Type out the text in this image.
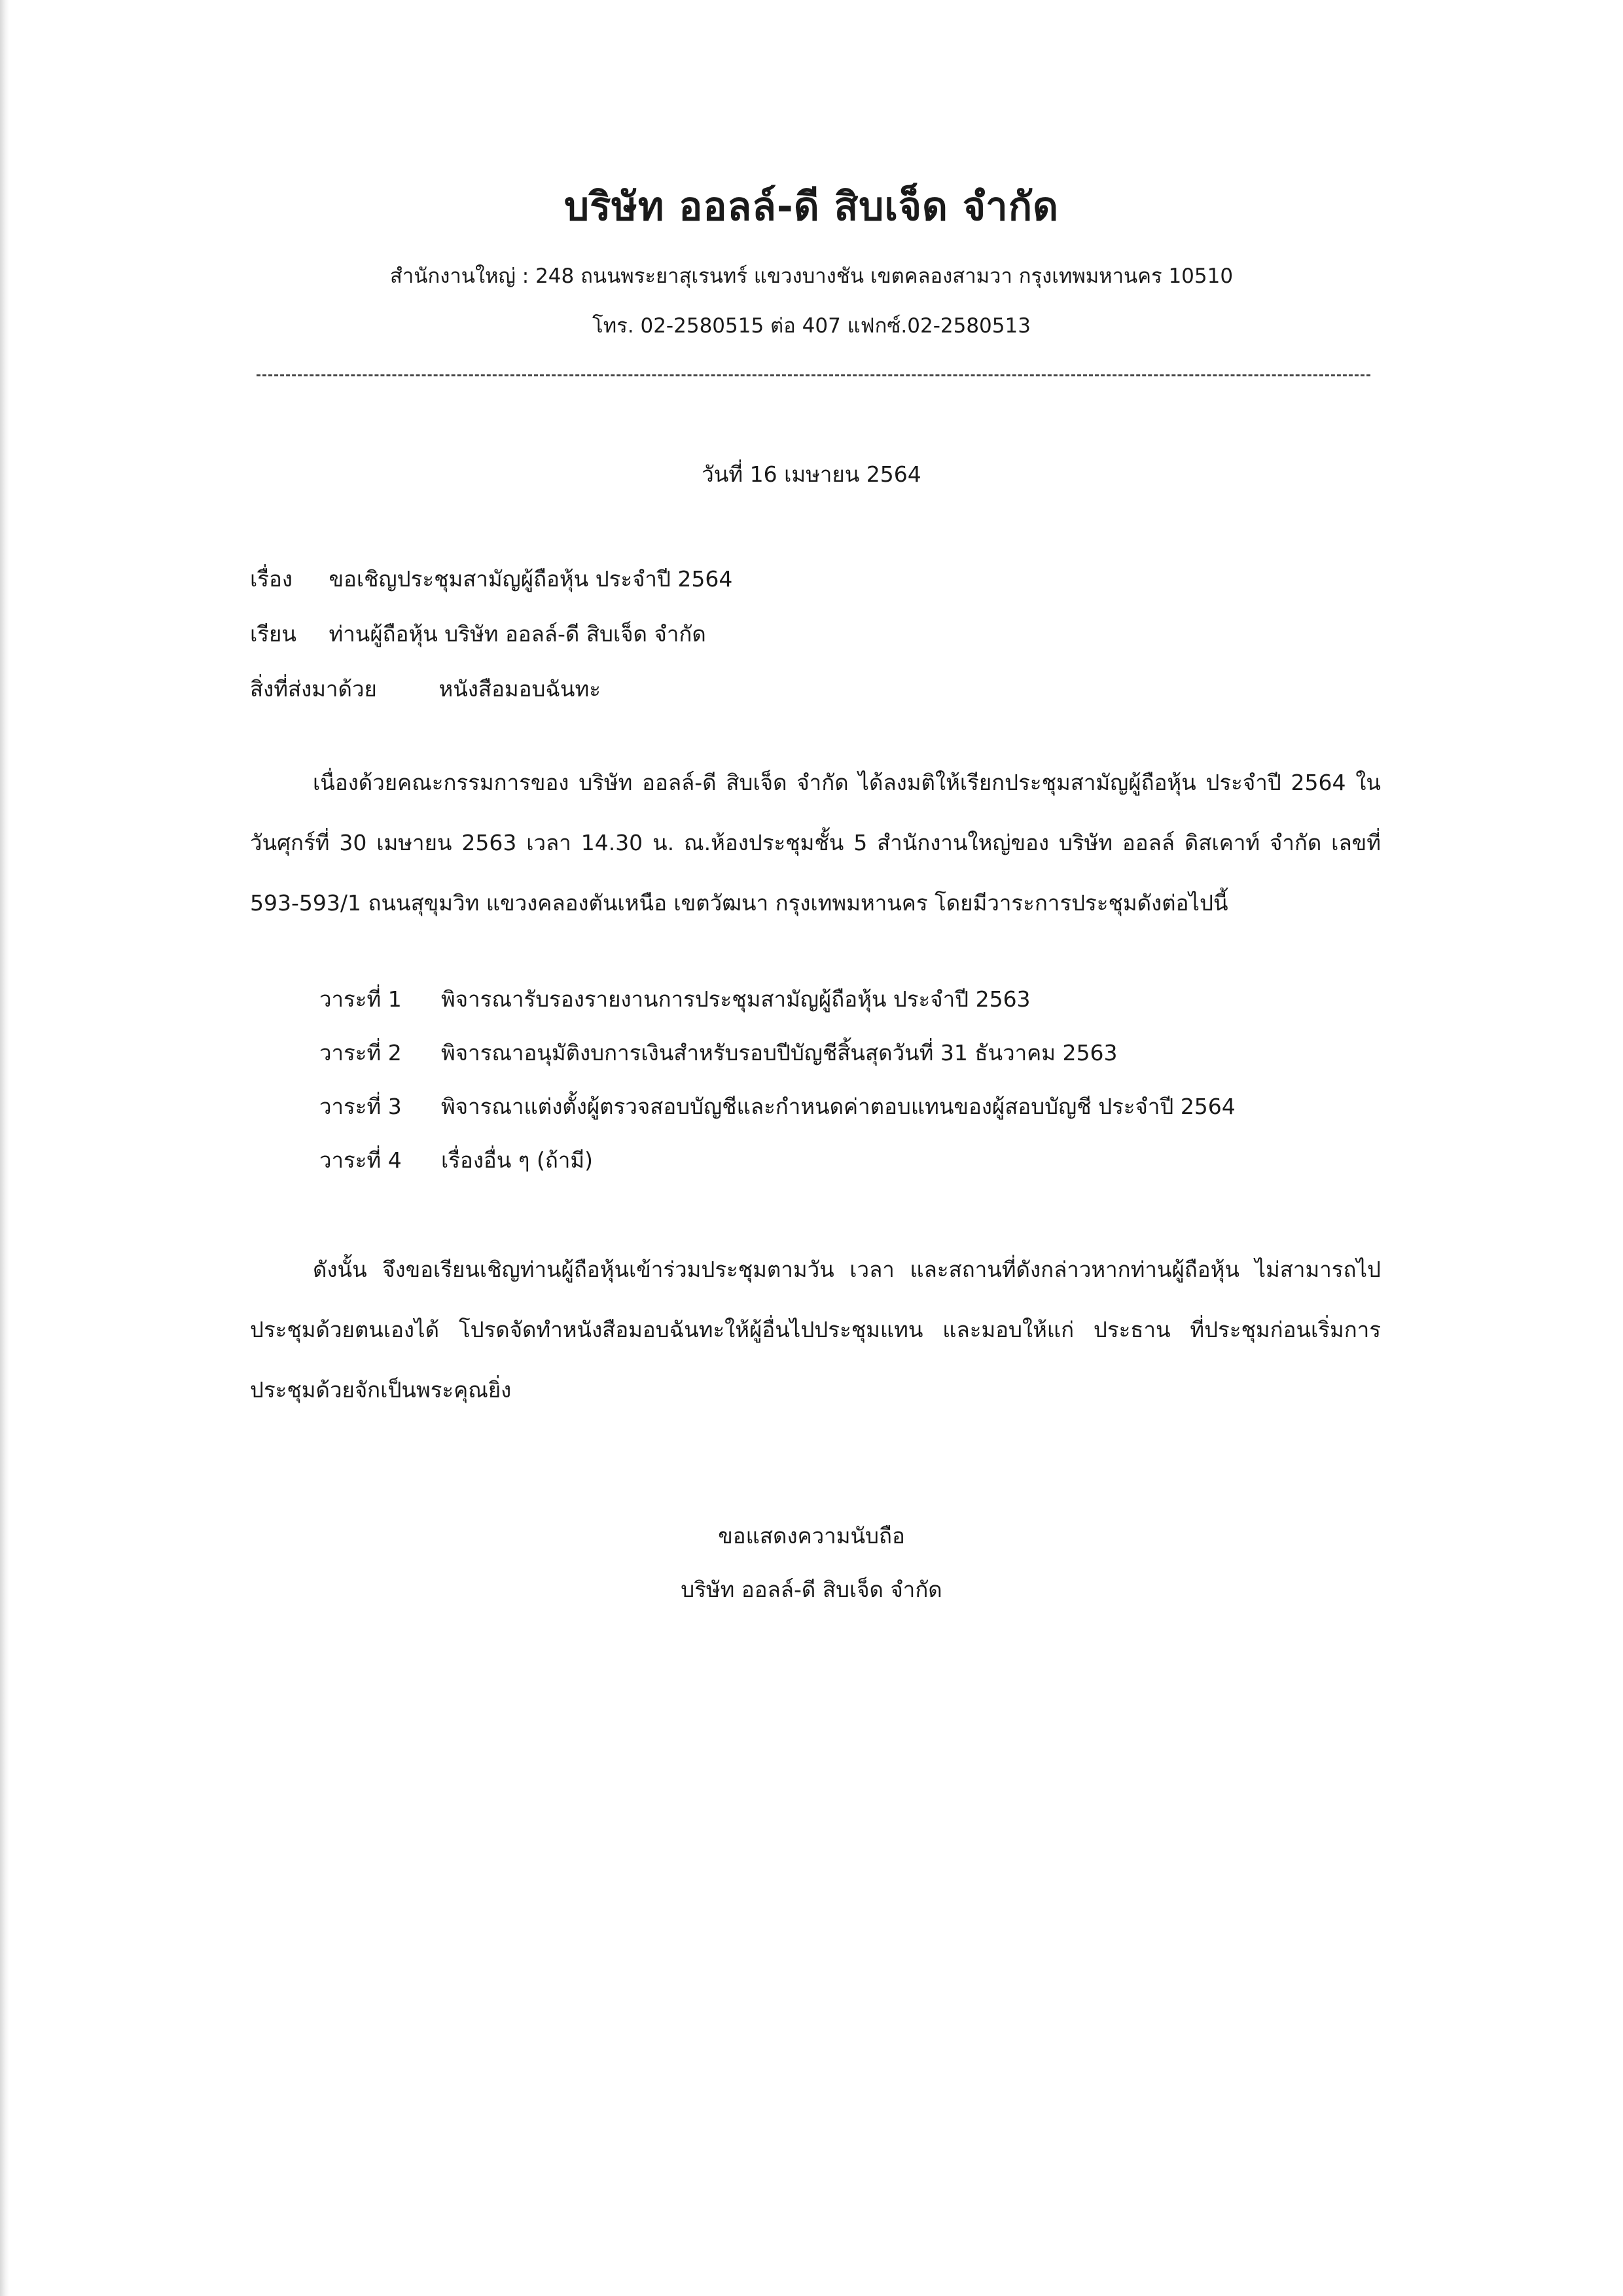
บริษัท ออลล์-ดี สิบเจ็ด จำกัด
สำนักงานใหญ่ : 248 ถนนพระยาสุเรนทร์ แขวงบางชัน เขตคลองสามวา กรุงเทพมหานคร 10510
โทร. 02-2580515 ต่อ 407 แฟกซ์.02-2580513
วันที่ 16 เมษายน 2564
เรื่อง ขอเชิญประชุมสามัญผู้ถือหุ้น ประจำปี 2564
เรียน ท่านผู้ถือหุ้น บริษัท ออลล์-ดี สิบเจ็ด จำกัด
สิ่งที่ส่งมาด้วย	หนังสือมอบฉันทะ
เนื่องด้วยคณะกรรมการของ บริษัท ออลล์-ดี สิบเจ็ด จำกัด ได้ลงมติให้เรียกประชุมสามัญผู้ถือหุ้น ประจำปี 2564 ในวันศุกร์ที่ 30 เมษายน 2563 เวลา 14.30 น. ณ.ห้องประชุมชั้น 5 สำนักงานใหญ่ของ บริษัท ออลล์ ดิสเคาท์ จำกัด เลขที่ 593-593/1 ถนนสุขุมวิท แขวงคลองตันเหนือ เขตวัฒนา กรุงเทพมหานคร โดยมีวาระการประชุมดังต่อไปนี้
วาระที่ 1 พิจารณารับรองรายงานการประชุมสามัญผู้ถือหุ้น ประจำปี 2563
วาระที่ 2 พิจารณาอนุมัติงบการเงินสำหรับรอบปีบัญชีสิ้นสุดวันที่ 31 ธันวาคม 2563
วาระที่ 3 พิจารณาแต่งตั้งผู้ตรวจสอบบัญชีและกำหนดค่าตอบแทนของผู้สอบบัญชี ประจำปี 2564
วาระที่ 4 เรื่องอื่น ๆ (ถ้ามี)
ดังนั้น จึงขอเรียนเชิญท่านผู้ถือหุ้นเข้าร่วมประชุมตามวัน เวลา และสถานที่ดังกล่าวหากท่านผู้ถือหุ้น ไม่สามารถไปประชุมด้วยตนเองได้ โปรดจัดทำหนังสือมอบฉันทะให้ผู้อื่นไปประชุมแทน และมอบให้แก่ ประธาน ที่ประชุมก่อนเริ่มการประชุมด้วยจักเป็นพระคุณยิ่ง
ขอแสดงความนับถือ
บริษัท ออลล์-ดี สิบเจ็ด จำกัด
